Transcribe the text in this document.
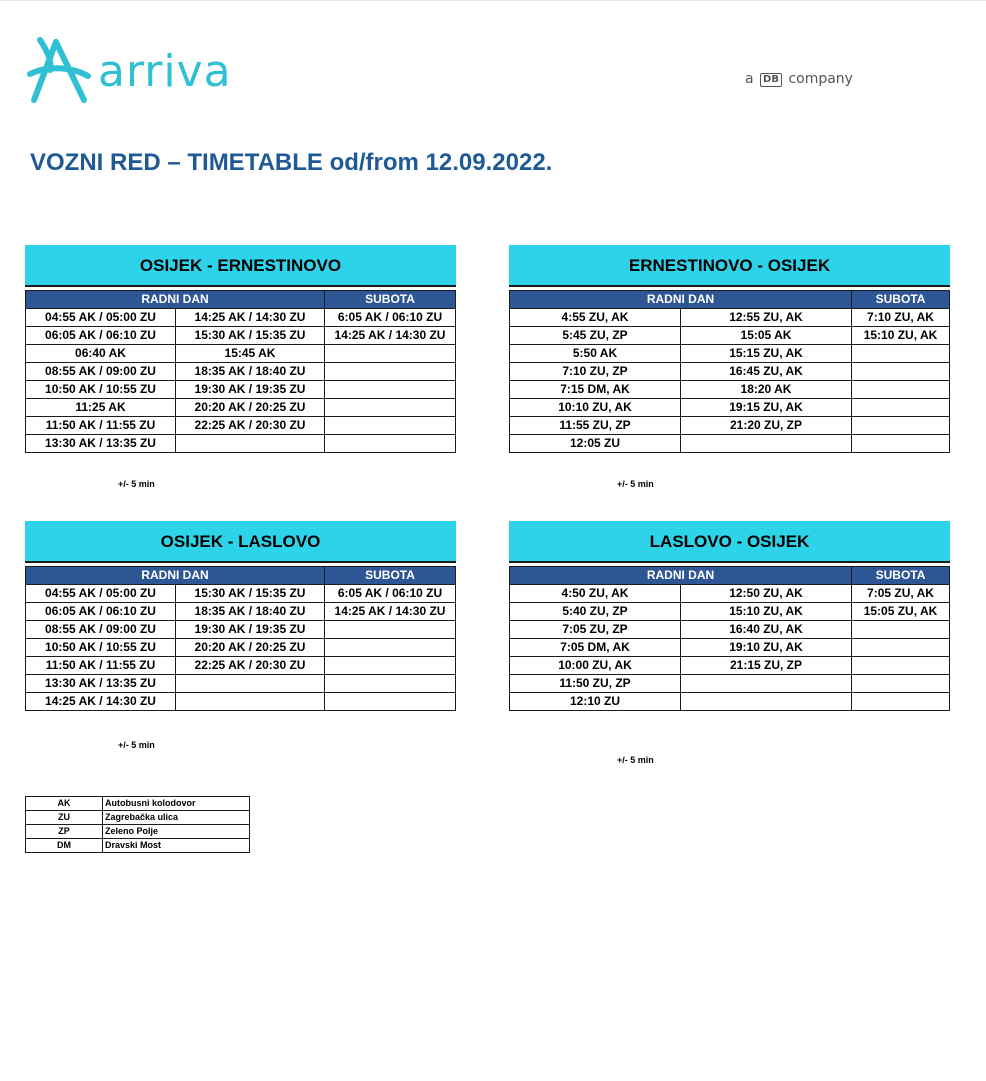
arriva	a DB company
VOZNI RED – TIMETABLE od/from 12.09.2022.
OSIJEK - ERNESTINOVO
RADNI DAN		SUBOTA
04:55 AK / 05:00 ZU	14:25 AK / 14:30 ZU	6:05 AK / 06:10 ZU
06:05 AK / 06:10 ZU	15:30 AK / 15:35 ZU	14:25 AK / 14:30 ZU
06:40 AK	15:45 AK	
08:55 AK / 09:00 ZU	18:35 AK / 18:40 ZU	
10:50 AK / 10:55 ZU	19:30 AK / 19:35 ZU	
11:25 AK	20:20 AK / 20:25 ZU	
11:50 AK / 11:55 ZU	22:25 AK / 20:30 ZU	
13:30 AK / 13:35 ZU		
+/- 5 min
ERNESTINOVO - OSIJEK
RADNI DAN		SUBOTA
4:55 ZU, AK	12:55 ZU, AK	7:10 ZU, AK
5:45 ZU, ZP	15:05 AK	15:10 ZU, AK
5:50 AK	15:15 ZU, AK	
7:10 ZU, ZP	16:45 ZU, AK	
7:15 DM, AK	18:20 AK	
10:10 ZU, AK	19:15 ZU, AK	
11:55 ZU, ZP	21:20 ZU, ZP	
12:05 ZU		
+/- 5 min
OSIJEK - LASLOVO
RADNI DAN		SUBOTA
04:55 AK / 05:00 ZU	15:30 AK / 15:35 ZU	6:05 AK / 06:10 ZU
06:05 AK / 06:10 ZU	18:35 AK / 18:40 ZU	14:25 AK / 14:30 ZU
08:55 AK / 09:00 ZU	19:30 AK / 19:35 ZU	
10:50 AK / 10:55 ZU	20:20 AK / 20:25 ZU	
11:50 AK / 11:55 ZU	22:25 AK / 20:30 ZU	
13:30 AK / 13:35 ZU		
14:25 AK / 14:30 ZU		
+/- 5 min
LASLOVO - OSIJEK
RADNI DAN		SUBOTA
4:50 ZU, AK	12:50 ZU, AK	7:05 ZU, AK
5:40 ZU, ZP	15:10 ZU, AK	15:05 ZU, AK
7:05 ZU, ZP	16:40 ZU, AK	
7:05 DM, AK	19:10 ZU, AK	
10:00 ZU, AK	21:15 ZU, ZP	
11:50 ZU, ZP		
12:10 ZU		
+/- 5 min
AK	Autobusni kolodovor
ZU	Zagrebačka ulica
ZP	Zeleno Polje
DM	Dravski Most
